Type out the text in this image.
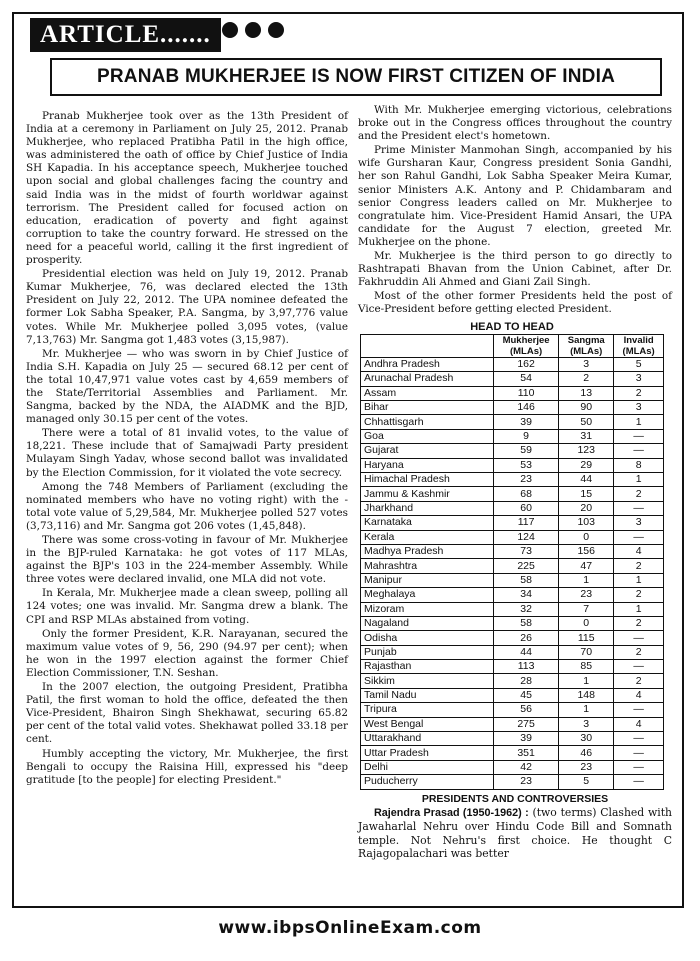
ARTICLE.......
PRANAB MUKHERJEE IS NOW FIRST CITIZEN OF INDIA

Pranab Mukherjee took over as the 13th President of India at a ceremony in Parliament on July 25, 2012. Pranab Mukherjee, who replaced Pratibha Patil in the high office, was administered the oath of office by Chief Justice of India SH Kapadia. In his acceptance speech, Mukherjee touched upon social and global challenges facing the country and said India was in the midst of fourth worldwar against terrorism. The President called for focused action on education, eradication of poverty and fight against corruption to take the country forward. He stressed on the need for a peaceful world, calling it the first ingredient of prosperity.

Presidential election was held on July 19, 2012. Pranab Kumar Mukherjee, 76, was declared elected the 13th President on July 22, 2012. The UPA nominee defeated the former Lok Sabha Speaker, P.A. Sangma, by 3,97,776 value votes. While Mr. Mukherjee polled 3,095 votes, (value 7,13,763) Mr. Sangma got 1,483 votes (3,15,987).

Mr. Mukherjee — who was sworn in by Chief Justice of India S.H. Kapadia on July 25 — secured 68.12 per cent of the total 10,47,971 value votes cast by 4,659 members of the State/Territorial Assemblies and Parliament. Mr. Sangma, backed by the NDA, the AIADMK and the BJD, managed only 30.15 per cent of the votes.

There were a total of 81 invalid votes, to the value of 18,221. These include that of Samajwadi Party president Mulayam Singh Yadav, whose second ballot was invalidated by the Election Commission, for it violated the vote secrecy.

Among the 748 Members of Parliament (excluding the nominated members who have no voting right) with the -total vote value of 5,29,584, Mr. Mukherjee polled 527 votes (3,73,116) and Mr. Sangma got 206 votes (1,45,848).

There was some cross-voting in favour of Mr. Mukherjee in the BJP-ruled Karnataka: he got votes of 117 MLAs, against the BJP's 103 in the 224-member Assembly. While three votes were declared invalid, one MLA did not vote.

In Kerala, Mr. Mukherjee made a clean sweep, polling all 124 votes; one was invalid. Mr. Sangma drew a blank. The CPI and RSP MLAs abstained from voting.

Only the former President, K.R. Narayanan, secured the maximum value votes of 9, 56, 290 (94.97 per cent); when he won in the 1997 election against the former Chief Election Commissioner, T.N. Seshan.

In the 2007 election, the outgoing President, Pratibha Patil, the first woman to hold the office, defeated the then Vice-President, Bhairon Singh Shekhawat, securing 65.82 per cent of the total valid votes. Shekhawat polled 33.18 per cent.

Humbly accepting the victory, Mr. Mukherjee, the first Bengali to occupy the Raisina Hill, expressed his "deep gratitude [to the people] for electing President."

With Mr. Mukherjee emerging victorious, celebrations broke out in the Congress offices throughout the country and the President elect's hometown.

Prime Minister Manmohan Singh, accompanied by his wife Gursharan Kaur, Congress president Sonia Gandhi, her son Rahul Gandhi, Lok Sabha Speaker Meira Kumar, senior Ministers A.K. Antony and P. Chidambaram and senior Congress leaders called on Mr. Mukherjee to congratulate him. Vice-President Hamid Ansari, the UPA candidate for the August 7 election, greeted Mr. Mukherjee on the phone.

Mr. Mukherjee is the third person to go directly to Rashtrapati Bhavan from the Union Cabinet, after Dr. Fakhruddin Ali Ahmed and Giani Zail Singh.

Most of the other former Presidents held the post of Vice-President before getting elected President.

HEAD TO HEAD			
	Mukherjee (MLAs)	Sangma (MLAs)	Invalid (MLAs)
Andhra Pradesh	162	3	5
Arunachal Pradesh	54	2	3
Assam	110	13	2
Bihar	146	90	3
Chhattisgarh	39	50	1
Goa	9	31	—
Gujarat	59	123	—
Haryana	53	29	8
Himachal Pradesh	23	44	1
Jammu & Kashmir	68	15	2
Jharkhand	60	20	—
Karnataka	117	103	3
Kerala	124	0	—
Madhya Pradesh	73	156	4
Mahrashtra	225	47	2
Manipur	58	1	1
Meghalaya	34	23	2
Mizoram	32	7	1
Nagaland	58	0	2
Odisha	26	115	—
Punjab	44	70	2
Rajasthan	113	85	—
Sikkim	28	1	2
Tamil Nadu	45	148	4
Tripura	56	1	—
West Bengal	275	3	4
Uttarakhand	39	30	—
Uttar Pradesh	351	46	—
Delhi	42	23	—
Puducherry	23	5	—
PRESIDENTS AND CONTROVERSIES

Rajendra Prasad (1950-1962) : (two terms) Clashed with Jawaharlal Nehru over Hindu Code Bill and Somnath temple. Not Nehru's first choice. He thought C Rajagopalachari was better

www.ibpsOnlineExam.com
